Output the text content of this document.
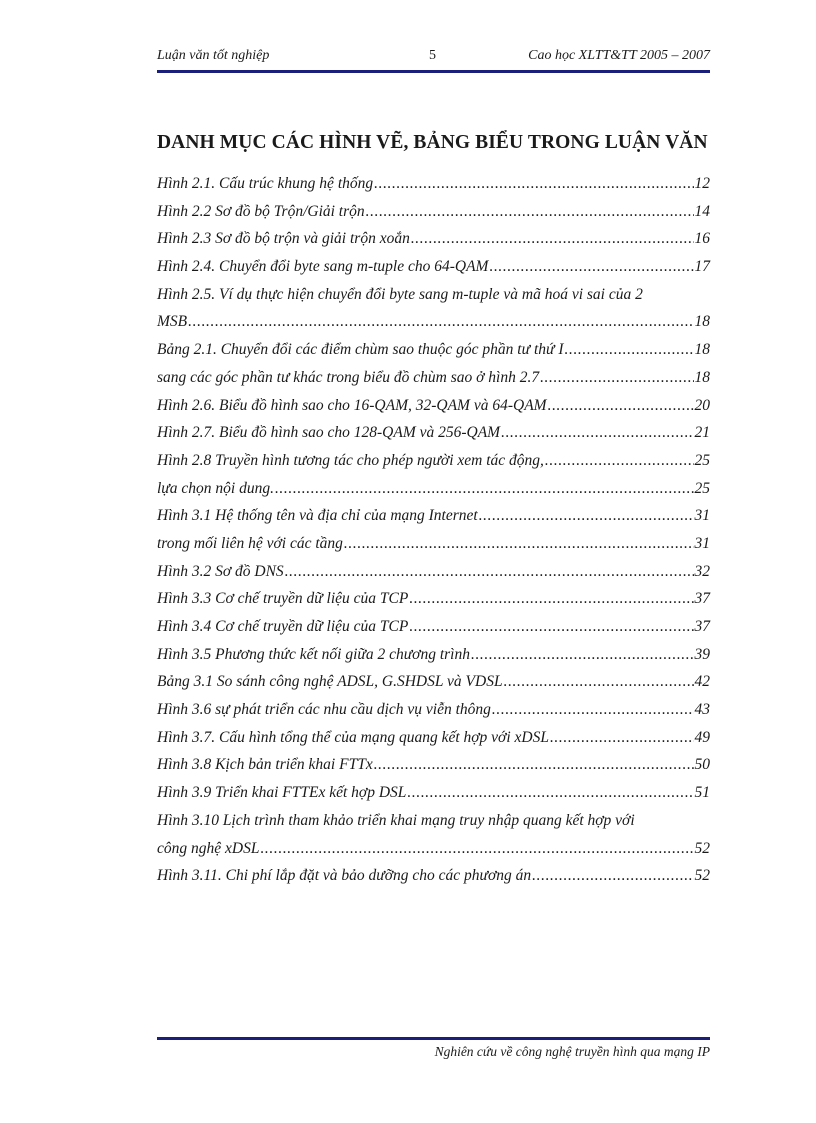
Luận văn tốt nghiệp	5	Cao học XLTT&TT 2005 – 2007
DANH MỤC CÁC HÌNH VẼ, BẢNG BIỂU TRONG LUẬN VĂN
Hình 2.1. Cấu trúc khung hệ thống .....	12
Hình 2.2 Sơ đồ bộ Trộn/Giải trộn .....	14
Hình 2.3 Sơ đồ bộ trộn và giải trộn xoắn .....	16
Hình 2.4. Chuyển đổi byte sang m-tuple cho 64-QAM .....	17
Hình 2.5. Ví dụ thực hiện chuyển đổi byte sang m-tuple và mã hoá vi sai của 2
MSB .....	18
Bảng 2.1. Chuyển đổi các điểm chùm sao thuộc góc phần tư thứ I .....	18
sang các góc phần tư khác trong biểu đồ chùm sao ở hình 2.7 .....	18
Hình 2.6. Biểu đồ hình sao cho 16-QAM, 32-QAM và 64-QAM .....	20
Hình 2.7. Biểu đồ hình sao cho 128-QAM và 256-QAM .....	21
Hình 2.8 Truyền hình tương tác cho phép người xem tác động, .....	25
lựa chọn nội dung. .....	25
Hình 3.1 Hệ thống tên và địa chỉ của mạng Internet .....	31
trong mối liên hệ với các tầng .....	31
Hình 3.2 Sơ đồ DNS .....	32
Hình 3.3 Cơ chế truyền dữ liệu của TCP .....	37
Hình 3.4 Cơ chế truyền dữ liệu của TCP .....	37
Hình 3.5 Phương thức kết nối giữa 2 chương trình .....	39
Bảng 3.1 So sánh công nghệ ADSL, G.SHDSL và VDSL .....	42
Hình 3.6 sự phát triển các nhu cầu dịch vụ viễn thông .....	43
Hình 3.7. Cấu hình tổng thể của mạng quang kết hợp với xDSL .....	49
Hình 3.8 Kịch bản triển khai FTTx .....	50
Hình 3.9 Triển khai FTTEx kết hợp DSL .....	51
Hình 3.10 Lịch trình tham khảo triển khai mạng truy nhập quang kết hợp với
công nghệ xDSL .....	52
Hình 3.11. Chi phí lắp đặt và bảo dưỡng cho các phương án .....	52
Nghiên cứu về công nghệ truyền hình qua mạng IP
